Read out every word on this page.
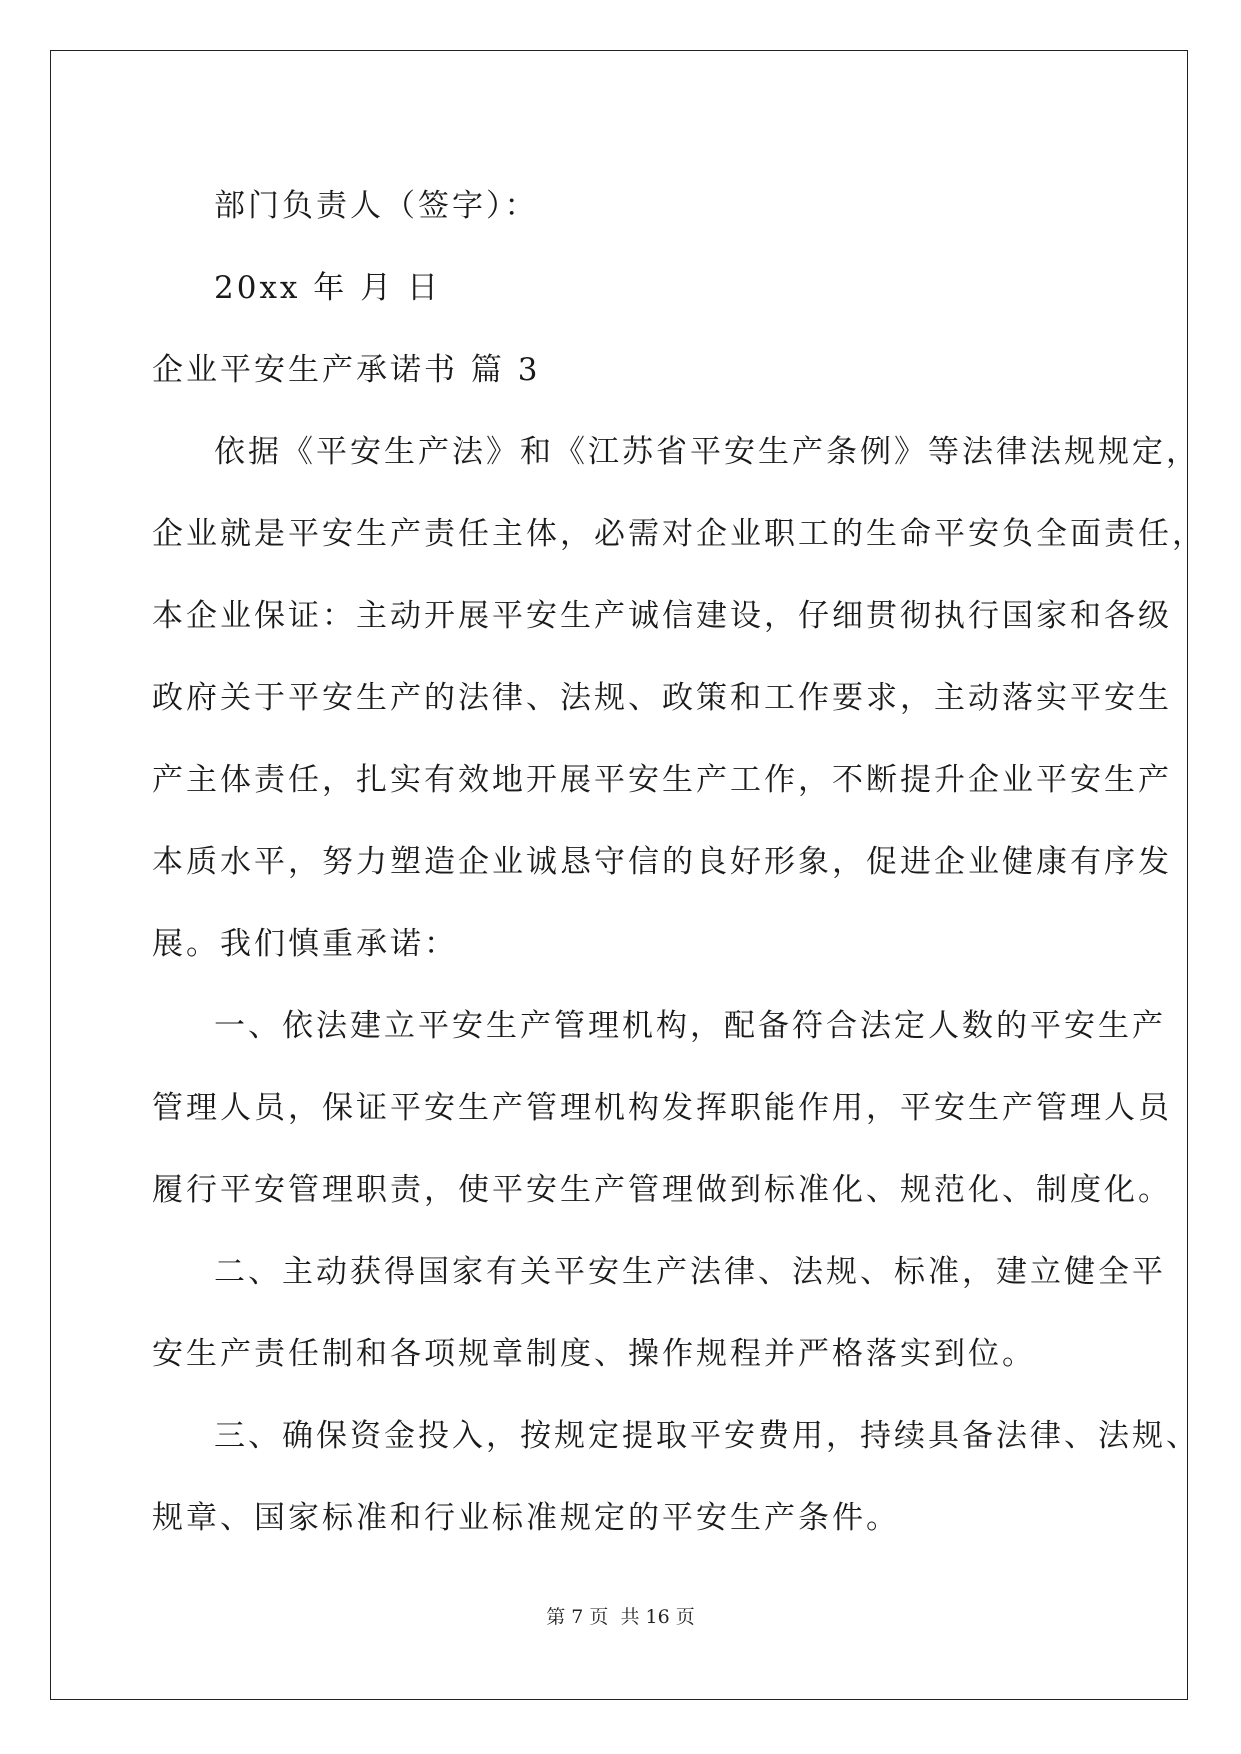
部门负责人（签字）：
20xx 年 月 日
企业平安生产承诺书 篇 3
依据《平安生产法》和《江苏省平安生产条例》等法律法规规定，
企业就是平安生产责任主体，必需对企业职工的生命平安负全面责任，
本企业保证：主动开展平安生产诚信建设，仔细贯彻执行国家和各级
政府关于平安生产的法律、法规、政策和工作要求，主动落实平安生
产主体责任，扎实有效地开展平安生产工作，不断提升企业平安生产
本质水平，努力塑造企业诚恳守信的良好形象，促进企业健康有序发
展。我们慎重承诺：
一、依法建立平安生产管理机构，配备符合法定人数的平安生产
管理人员，保证平安生产管理机构发挥职能作用，平安生产管理人员
履行平安管理职责，使平安生产管理做到标准化、规范化、制度化。
二、主动获得国家有关平安生产法律、法规、标准，建立健全平
安生产责任制和各项规章制度、操作规程并严格落实到位。
三、确保资金投入，按规定提取平安费用，持续具备法律、法规、
规章、国家标准和行业标准规定的平安生产条件。
第 7 页 共 16 页
